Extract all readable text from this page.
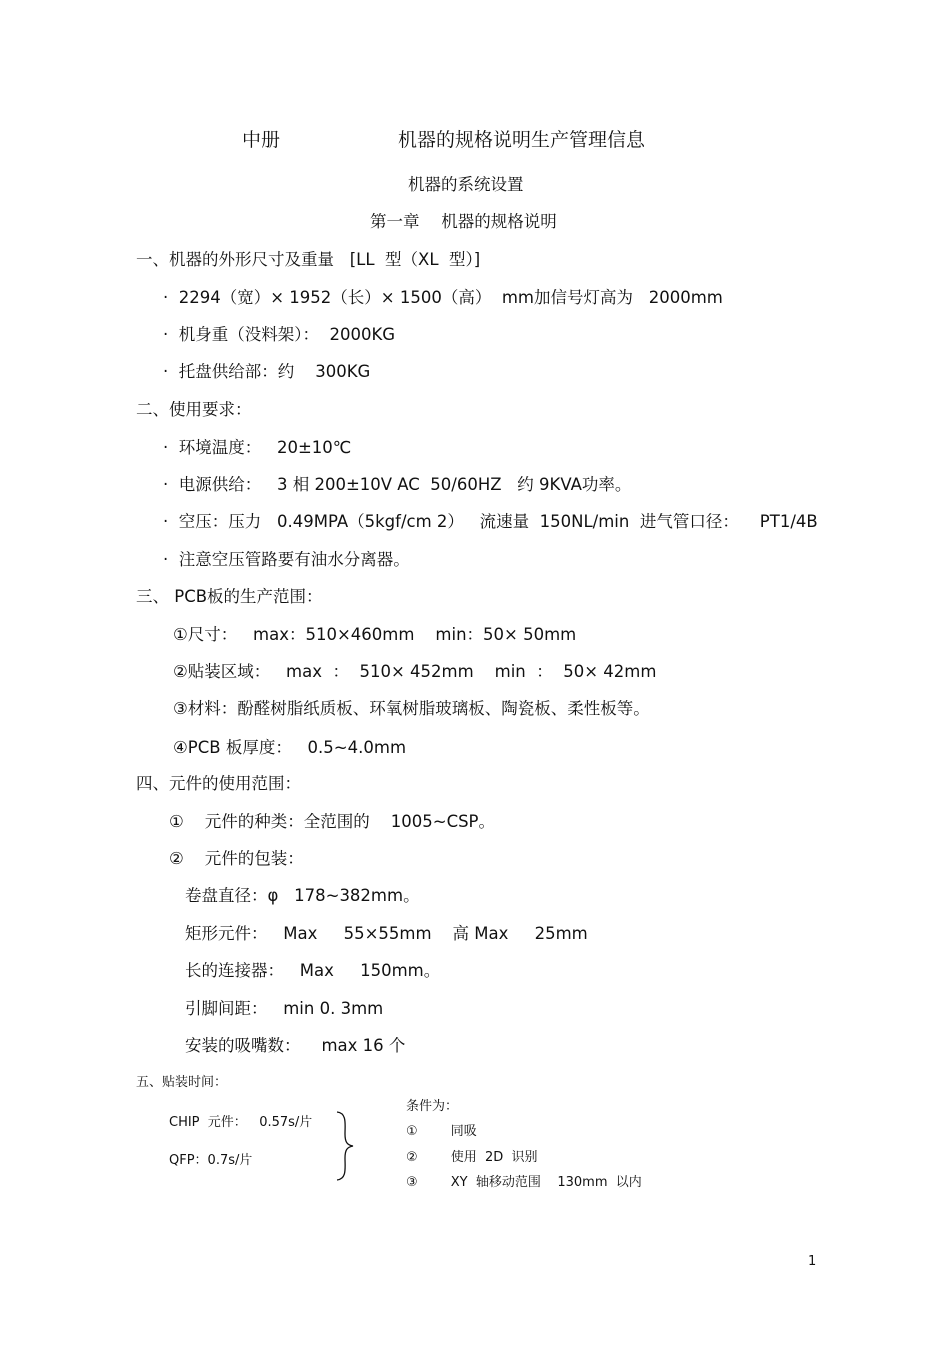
中册	机器的规格说明生产管理信息
机器的系统设置
第一章　 机器的规格说明
一、机器的外形尺寸及重量   [LL  型（XL  型）]
·  2294（宽）× 1952（长）× 1500（高）  mm加信号灯高为   2000mm
·  机身重（没料架）：  2000KG
·  托盘供给部：约    300KG
二、使用要求：
·  环境温度：   20±10℃
·  电源供给：   3 相 200±10V AC  50/60HZ   约 9KVA功率。
·  空压：压力   0.49MPA（5kgf/cm 2）   流速量  150NL/min  进气管口径：    PT1/4B
·  注意空压管路要有油水分离器。
三、 PCB板的生产范围：
①尺寸：   max：510×460mm    min：50× 50mm
②贴装区域：   max  ：  510× 452mm    min  ：  50× 42mm
③材料：酚醛树脂纸质板、环氧树脂玻璃板、陶瓷板、柔性板等。
④PCB 板厚度：   0.5~4.0mm
四、元件的使用范围：
①    元件的种类：全范围的    1005~CSP。
②    元件的包装：
卷盘直径：φ   178~382mm。
矩形元件：   Max     55×55mm    高 Max     25mm
长的连接器：   Max     150mm。
引脚间距：   min 0. 3mm
安装的吸嘴数：    max 16 个
五、贴装时间：
CHIP  元件：   0.57s/片
QFP：0.7s/片
条件为：
①        同吸
②        使用  2D  识别
③        XY  轴移动范围    130mm  以内
1
